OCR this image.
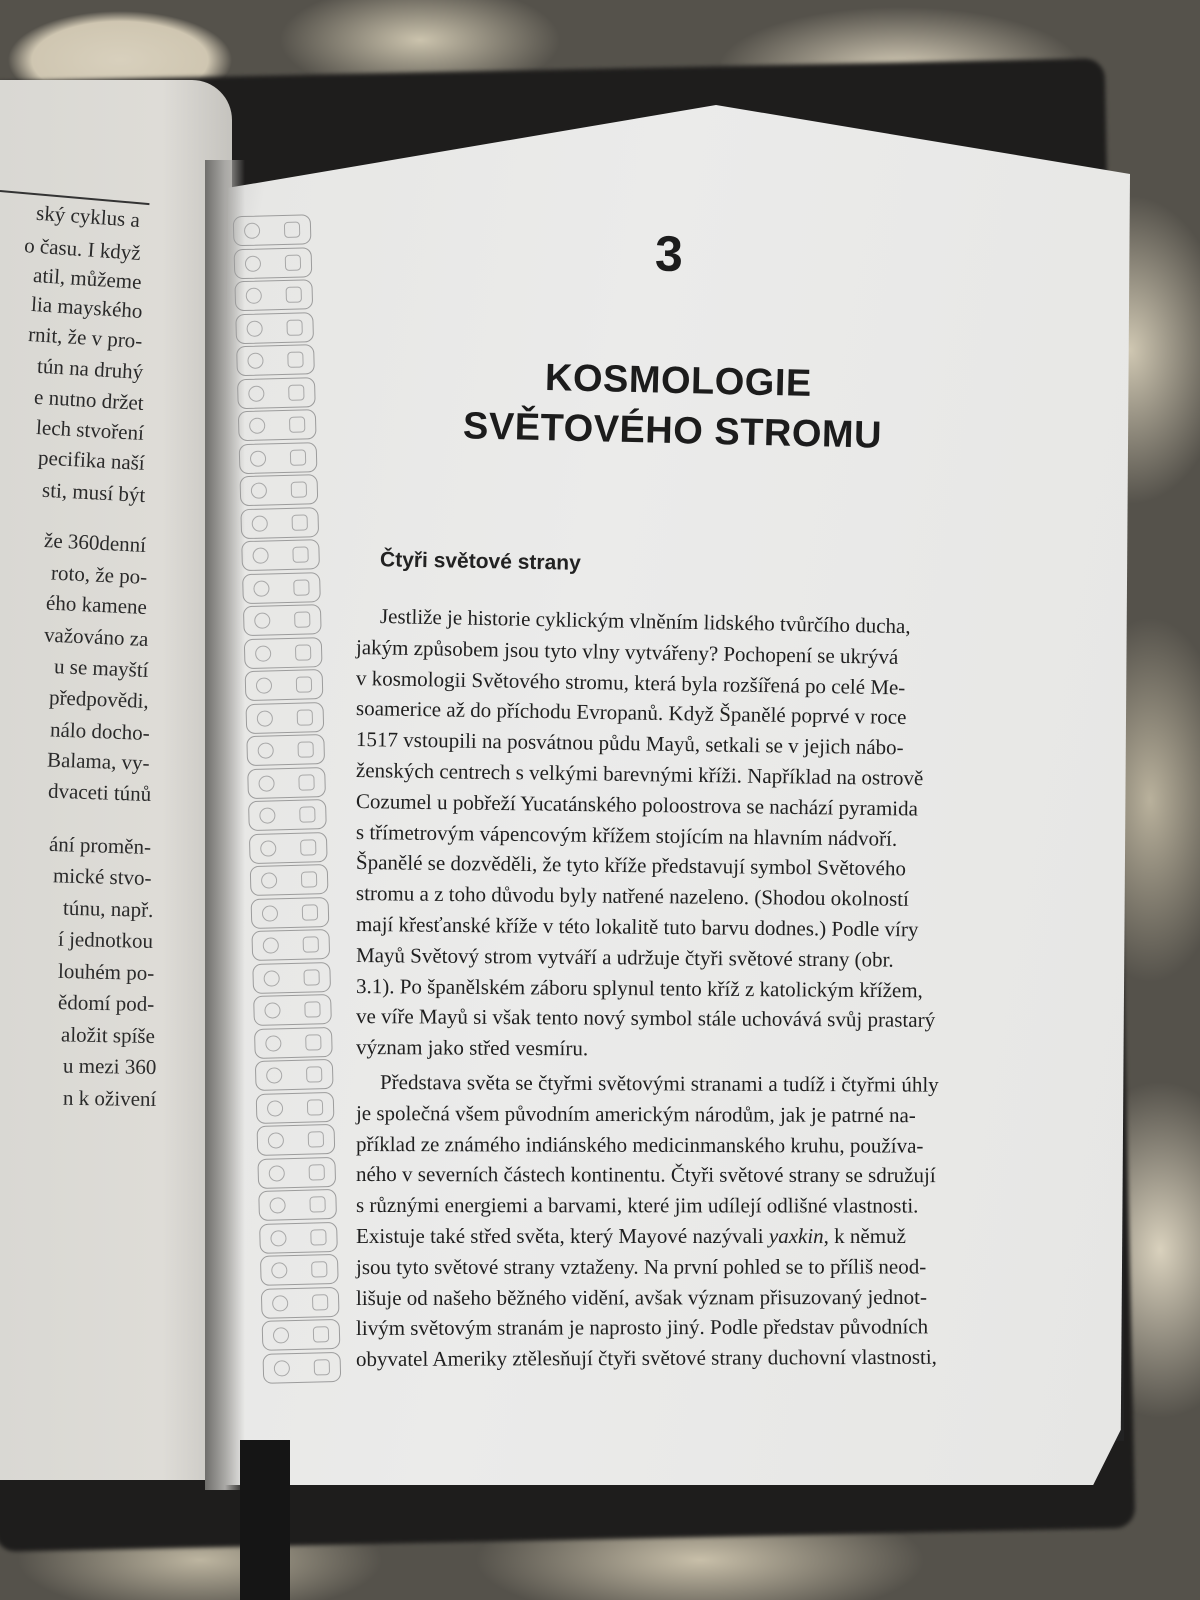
ský cyklus a
o času. I když
atil, můžeme
lia mayského
rnit, že v pro-
tún na druhý
e nutno držet
lech stvoření
pecifika naší
sti, musí být
že 360denní
roto, že po-
ého kamene
važováno za
u se mayští
předpovědi,
nálo docho-
Balama, vy-
dvaceti túnů
ání proměn-
mické stvo-
túnu, např.
í jednotkou
louhém po-
ědomí pod-
aložit spíše
u mezi 360
n k oživení
3
KOSMOLOGIE
SVĚTOVÉHO STROMU
Čtyři světové strany
Jestliže je historie cyklickým vlněním lidského tvůrčího ducha,
jakým způsobem jsou tyto vlny vytvářeny? Pochopení se ukrývá
v kosmologii Světového stromu, která byla rozšířená po celé Me-
soamerice až do příchodu Evropanů. Když Španělé poprvé v roce
1517 vstoupili na posvátnou půdu Mayů, setkali se v jejich nábo-
ženských centrech s velkými barevnými kříži. Například na ostrově
Cozumel u pobřeží Yucatánského poloostrova se nachází pyramida
s třímetrovým vápencovým křížem stojícím na hlavním nádvoří.
Španělé se dozvěděli, že tyto kříže představují symbol Světového
stromu a z toho důvodu byly natřené nazeleno. (Shodou okolností
mají křesťanské kříže v této lokalitě tuto barvu dodnes.) Podle víry
Mayů Světový strom vytváří a udržuje čtyři světové strany (obr.
3.1). Po španělském záboru splynul tento kříž z katolickým křížem,
ve víře Mayů si však tento nový symbol stále uchovává svůj prastarý
význam jako střed vesmíru.
Představa světa se čtyřmi světovými stranami a tudíž i čtyřmi úhly
je společná všem původním americkým národům, jak je patrné na-
příklad ze známého indiánského medicinmanského kruhu, používa-
ného v severních částech kontinentu. Čtyři světové strany se sdružují
s různými energiemi a barvami, které jim udílejí odlišné vlastnosti.
Existuje také střed světa, který Mayové nazývali yaxkin, k němuž
jsou tyto světové strany vztaženy. Na první pohled se to příliš neod-
lišuje od našeho běžného vidění, avšak význam přisuzovaný jednot-
livým světovým stranám je naprosto jiný. Podle představ původních
obyvatel Ameriky ztělesňují čtyři světové strany duchovní vlastnosti,
